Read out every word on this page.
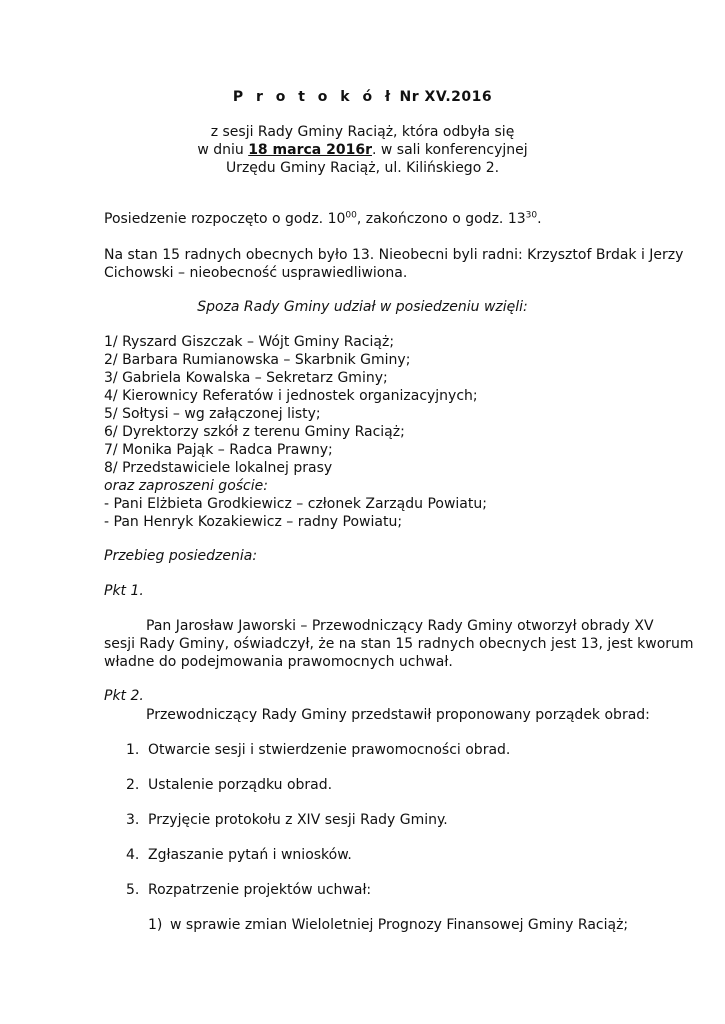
P r o t o k ó ł Nr XV.2016
z sesji Rady Gminy Raciąż, która odbyła się
w dniu 18 marca 2016r. w sali konferencyjnej
Urzędu Gminy Raciąż, ul. Kilińskiego 2.
Posiedzenie rozpoczęto o godz. $10^{00}$, zakończono o godz. $13^{30}$.
Na stan 15 radnych obecnych było 13. Nieobecni byli radni: Krzysztof Brdak i Jerzy
Cichowski – nieobecność usprawiedliwiona.
Spoza Rady Gminy udział w posiedzeniu wzięli:
1/ Ryszard Giszczak – Wójt Gminy Raciąż;
2/ Barbara Rumianowska – Skarbnik Gminy;
3/ Gabriela Kowalska – Sekretarz Gminy;
4/ Kierownicy Referatów i jednostek organizacyjnych;
5/ Sołtysi – wg załączonej listy;
6/ Dyrektorzy szkół z terenu Gminy Raciąż;
7/ Monika Pająk – Radca Prawny;
8/ Przedstawiciele lokalnej prasy
oraz zaproszeni goście:
- Pani Elżbieta Grodkiewicz – członek Zarządu Powiatu;
- Pan Henryk Kozakiewicz – radny Powiatu;
Przebieg posiedzenia:
Pkt 1.
Pan Jarosław Jaworski – Przewodniczący Rady Gminy otworzył obrady XV
sesji Rady Gminy, oświadczył, że na stan 15 radnych obecnych jest 13, jest kworum
władne do podejmowania prawomocnych uchwał.
Pkt 2.
Przewodniczący Rady Gminy przedstawił proponowany porządek obrad:
1. Otwarcie sesji i stwierdzenie prawomocności obrad.
2. Ustalenie porządku obrad.
3. Przyjęcie protokołu z XIV sesji Rady Gminy.
4. Zgłaszanie pytań i wniosków.
5. Rozpatrzenie projektów uchwał:
1) w sprawie zmian Wieloletniej Prognozy Finansowej Gminy Raciąż;
